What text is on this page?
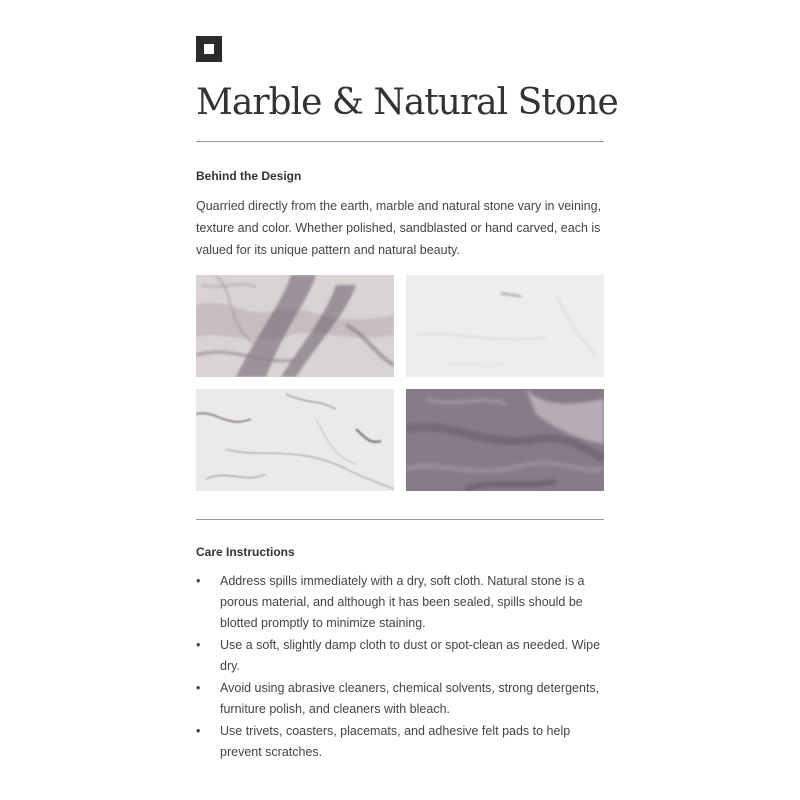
Marble & Natural Stone
Behind the Design

Quarried directly from the earth, marble and natural stone vary in veining, texture and color. Whether polished, sandblasted or hand carved, each is valued for its unique pattern and natural beauty.

Care Instructions
• Address spills immediately with a dry, soft cloth. Natural stone is a porous material, and although it has been sealed, spills should be blotted promptly to minimize staining.
• Use a soft, slightly damp cloth to dust or spot-clean as needed. Wipe dry.
• Avoid using abrasive cleaners, chemical solvents, strong detergents, furniture polish, and cleaners with bleach.
• Use trivets, coasters, placemats, and adhesive felt pads to help prevent scratches.
